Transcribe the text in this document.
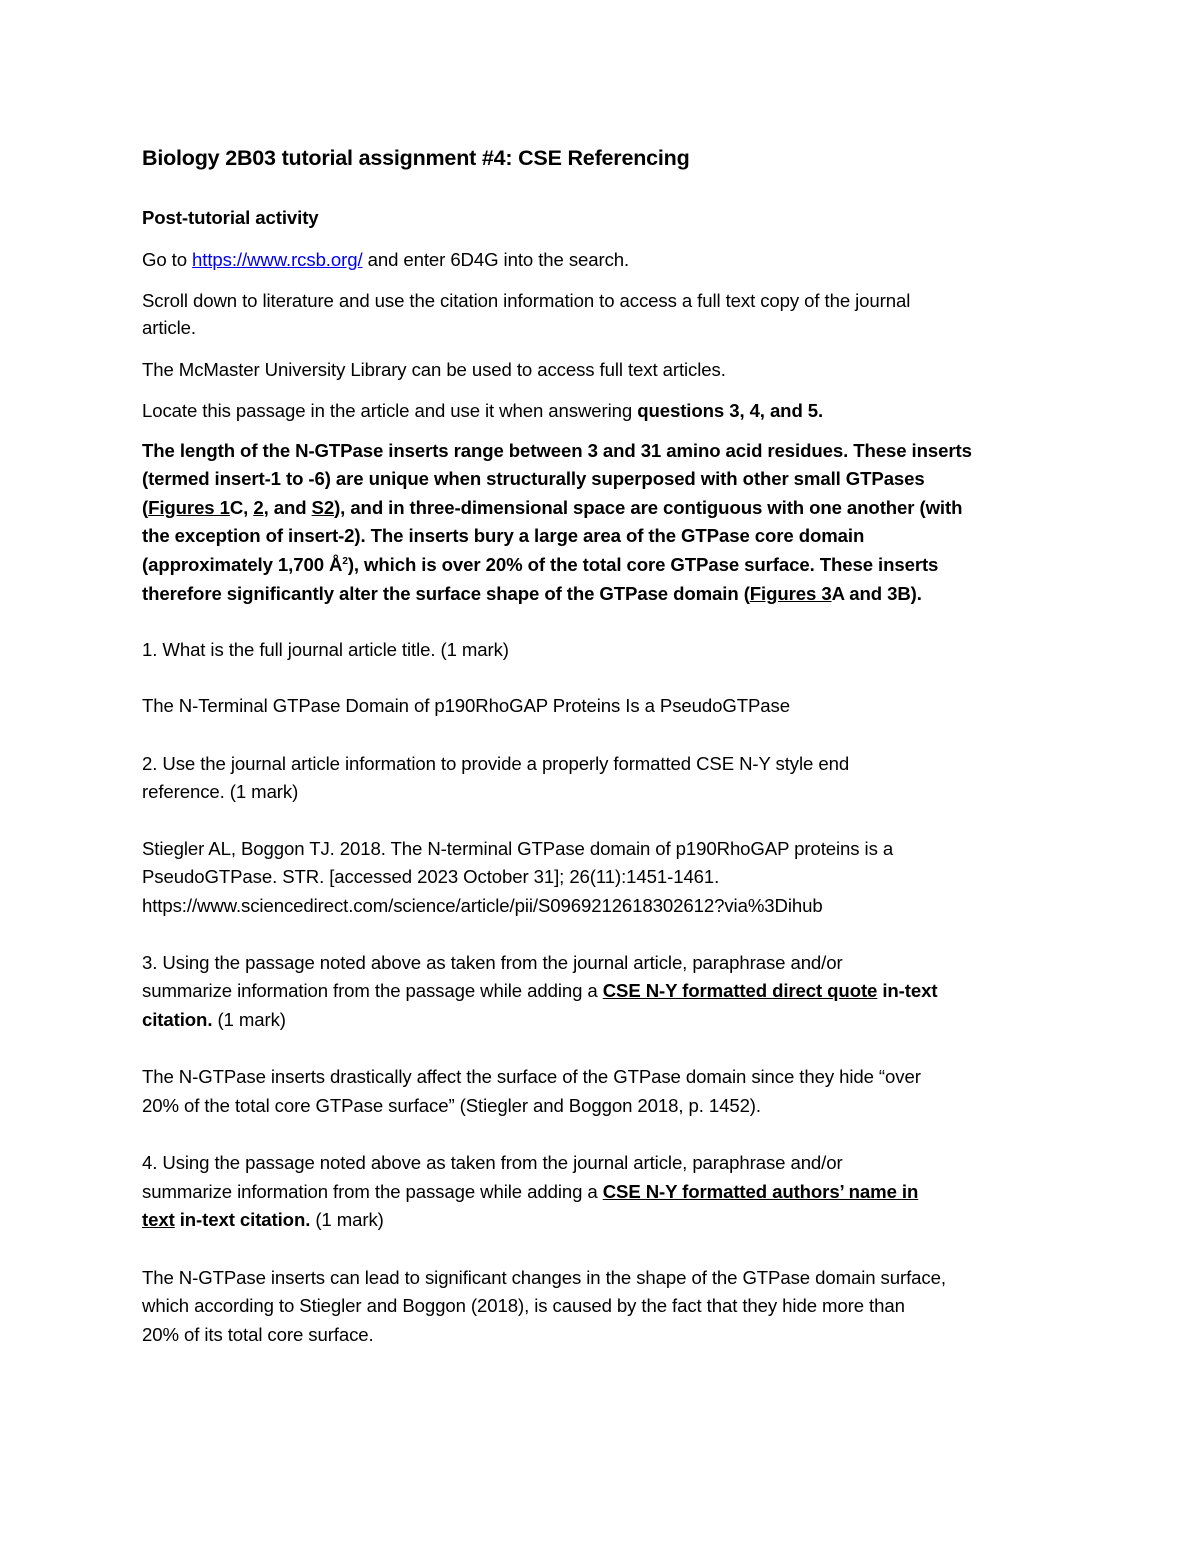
Biology 2B03 tutorial assignment #4: CSE Referencing
Post-tutorial activity
Go to https://www.rcsb.org/ and enter 6D4G into the search.
Scroll down to literature and use the citation information to access a full text copy of the journal
article.
The McMaster University Library can be used to access full text articles.
Locate this passage in the article and use it when answering questions 3, 4, and 5.
The length of the N-GTPase inserts range between 3 and 31 amino acid residues. These inserts
(termed insert-1 to -6) are unique when structurally superposed with other small GTPases
(Figures 1C, 2, and S2), and in three-dimensional space are contiguous with one another (with
the exception of insert-2). The inserts bury a large area of the GTPase core domain
(approximately 1,700 $Å^2$), which is over 20% of the total core GTPase surface. These inserts
therefore significantly alter the surface shape of the GTPase domain (Figures 3A and 3B).
1. What is the full journal article title. (1 mark)
The N-Terminal GTPase Domain of p190RhoGAP Proteins Is a PseudoGTPase
2. Use the journal article information to provide a properly formatted CSE N-Y style end
reference. (1 mark)
Stiegler AL, Boggon TJ. 2018. The N-terminal GTPase domain of p190RhoGAP proteins is a
PseudoGTPase. STR. [accessed 2023 October 31]; 26(11):1451-1461.
https://www.sciencedirect.com/science/article/pii/S0969212618302612?via%3Dihub
3. Using the passage noted above as taken from the journal article, paraphrase and/or
summarize information from the passage while adding a CSE N-Y formatted direct quote in-text
citation. (1 mark)
The N-GTPase inserts drastically affect the surface of the GTPase domain since they hide “over
20% of the total core GTPase surface” (Stiegler and Boggon 2018, p. 1452).
4. Using the passage noted above as taken from the journal article, paraphrase and/or
summarize information from the passage while adding a CSE N-Y formatted authors’ name in
text in-text citation. (1 mark)
The N-GTPase inserts can lead to significant changes in the shape of the GTPase domain surface,
which according to Stiegler and Boggon (2018), is caused by the fact that they hide more than
20% of its total core surface.
